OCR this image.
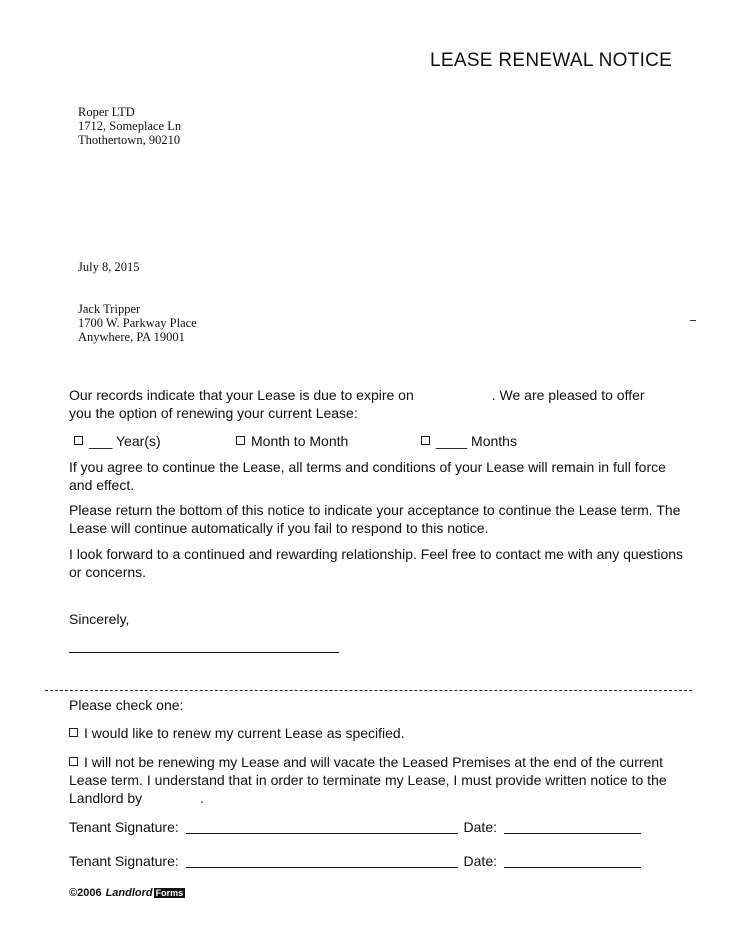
LEASE RENEWAL NOTICE
Roper LTD
1712, Someplace Ln
Thothertown, 90210
July 8, 2015
Jack Tripper
1700 W. Parkway Place
Anywhere, PA 19001
Our records indicate that your Lease is due to expire on	. We are pleased to offer
you the option of renewing your current Lease:
___ Year(s)	Month to Month	____ Months
If you agree to continue the Lease, all terms and conditions of your Lease will remain in full force and effect.
Please return the bottom of this notice to indicate your acceptance to continue the Lease term. The Lease will continue automatically if you fail to respond to this notice.
I look forward to a continued and rewarding relationship. Feel free to contact me with any questions or concerns.
Sincerely,
Please check one:
I would like to renew my current Lease as specified.
I will not be renewing my Lease and will vacate the Leased Premises at the end of the current Lease term. I understand that in order to terminate my Lease, I must provide written notice to the Landlord by	.
Tenant Signature:	Date:
Tenant Signature:	Date:
©2006 Landlord Forms
